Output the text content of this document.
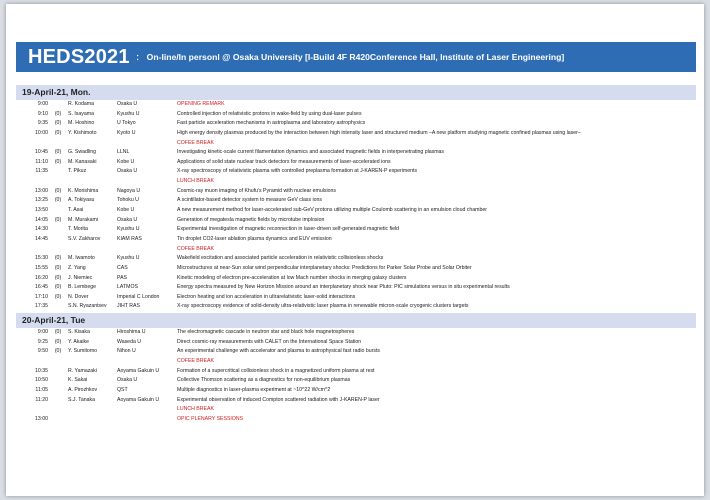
HEDS2021 ： On-line/In personl @ Osaka University [I-Build 4F R420Conference Hall, Institute of Laser Engineering]
19-April-21, Mon.
9:00	R. Kodama	Osaka U	OPENING REMARK
9:10	(0)	S. Isayama	Kyushu U	Controlled injection of relativistic protons in wake-field by using dual-laser pulses
9:35	(0)	M. Hoshino	U Tokyo	Fast particle acceleration mechanisms in astroplasma and laboratory astrophysics
10:00	(0)	Y. Kishimoto	Kyoto U	High energy density plasmas produced by the interaction between high intensity laser and structured medium –A new platform studying magnetic confined plasmas using laser–
COFEE BREAK
10:45	(0)	G. Swadling	LLNL	Investigating kinetic-scale current filamentation dynamics and associated magnetic fields in interpenetrating plasmas
11:10	(0)	M. Kanasaki	Kobe U	Applications of solid state nuclear track detectors for measurements of laser-accelerated ions
11:35	T. Pikuz	Osaka U	X-ray spectroscopy of relativistic plasma with controlled preplasma formation at J-KAREN-P experiments
LUNCH BREAK
13:00	(0)	K. Morishima	Nagoya U	Cosmic-ray muon imaging of Khufu's Pyramid with nuclear emulsions
13:25	(0)	A. Tokiyasu	Tohoku U	A scintillator-based detector system to measure GeV class ions
13:50	T. Asai	Kobe U	A new measurement method for laser-accelerated sub-GeV protons utilizing multiple Coulomb scattering in an emulsion cloud chamber
14:05	(0)	M. Murakami	Osaka U	Generation of megatesla magnetic fields by microtube implosion
14:30	T. Morita	Kyushu U	Experimental investigation of magnetic reconnection in laser-driven self-generated magnetic field
14:45	S.V. Zakharov	KIAM RAS	Tin droplet CO2-laser ablation plasma dynamics and EUV emission
COFEE BREAK
15:30	(0)	M. Iwamoto	Kyushu U	Wakefield excitation and associated particle acceleration in relativistic collisionless shocks
15:55	(0)	Z. Yang	CAS	Microstructures at near-Sun solar wind perpendicular interplanetary shocks: Predictions for Parker Solar Probe and Solar Orbiter
16:20	(0)	J. Niemiec	PAS	Kinetic modeling of electron pre-acceleration at low Mach number shocks in merging galaxy clusters
16:45	(0)	B. Lembege	LATMOS	Energy spectra measured by New Horizon Mission around an interplanetary shock near Pluto: PIC simulations versus in situ experimental results
17:10	(0)	N. Dover	Imperial C London	Electron heating and ion acceleration in ultrarelativistic laser-solid interactions
17:35	S.N. Ryazantsev	JIHT RAS	X-ray spectroscopy evidence of solid-density ultra-relativistic laser plasma in renewable micron-scale cryogenic clusters targets
20-April-21, Tue
9:00	(0)	S. Kisaka	Hiroshima U	The electromagnetic cascade in neutron star and black hole magnetospheres
9:25	(0)	Y. Akaike	Waseda U	Direct cosmic-ray measurements with CALET on the International Space Station
9:50	(0)	Y. Sumitomo	Nihon U	An experimental challenge with accelerator and plasma to astrophysical fast radio bursts
COFEE BREAK
10:35	R. Yamazaki	Aoyama Gakuin U	Formation of a supercritical collisionless shock in a magnetized uniform plasma at rest
10:50	K. Sakai	Osaka U	Collective Thomson scattering as a diagnostics for non-equilibrium plasmas
11:05	A. Pirozhkov	QST	Multiple diagnostics in laser-plasma experiment at ~10^22 W/cm^2
11:20	S.J. Tanaka	Aoyama Gakuin U	Experimental observation of induced Compton scattered radiation with J-KAREN-P laser
LUNCH BREAK
13:00	OPIC PLENARY SESSIONS
